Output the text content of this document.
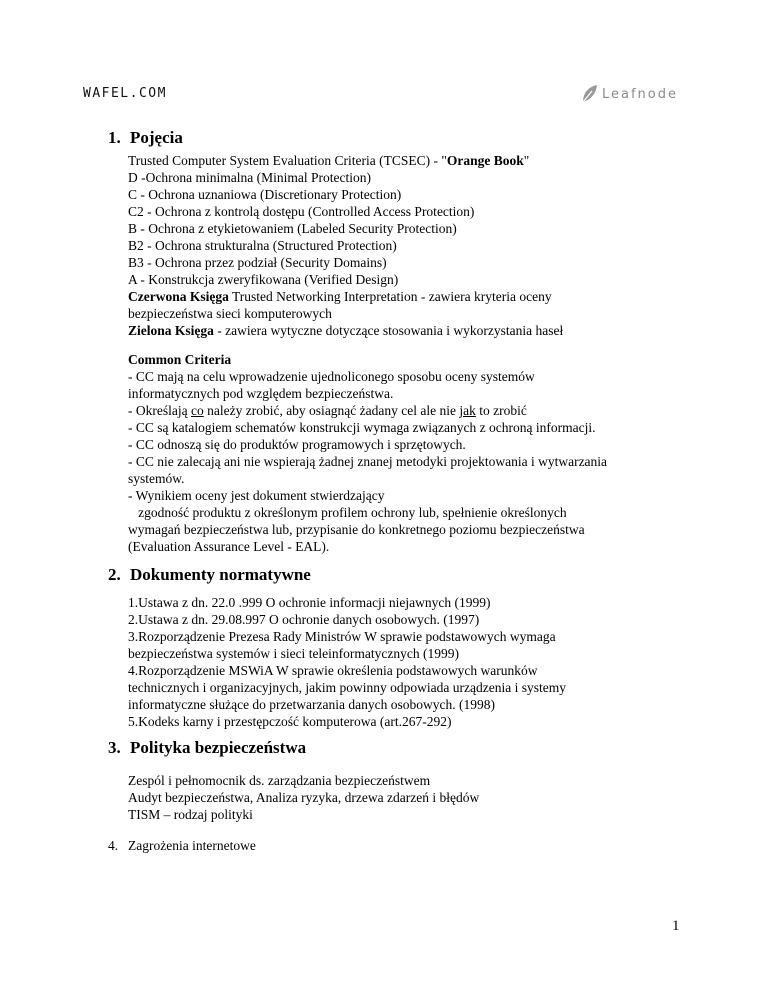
WAFEL.COM	Leafnode
1. Pojęcia
Trusted Computer System Evaluation Criteria (TCSEC) - "Orange Book"
D -Ochrona minimalna (Minimal Protection)
C - Ochrona uznaniowa (Discretionary Protection)
C2 - Ochrona z kontrolą dostępu (Controlled Access Protection)
B - Ochrona z etykietowaniem (Labeled Security Protection)
B2 - Ochrona strukturalna (Structured Protection)
B3 - Ochrona przez podział (Security Domains)
A - Konstrukcja zweryfikowana (Verified Design)
Czerwona Księga Trusted Networking Interpretation - zawiera kryteria oceny
bezpieczeństwa sieci komputerowych
Zielona Księga - zawiera wytyczne dotyczące stosowania i wykorzystania haseł
Common Criteria
- CC mają na celu wprowadzenie ujednoliconego sposobu oceny systemów
informatycznych pod względem bezpieczeństwa.
- Określają co należy zrobić, aby osiagnąć żadany cel ale nie jak to zrobić
- CC są katalogiem schematów konstrukcji wymaga związanych z ochroną informacji.
- CC odnoszą się do produktów programowych i sprzętowych.
- CC nie zalecają ani nie wspierają żadnej znanej metodyki projektowania i wytwarzania
systemów.
- Wynikiem oceny jest dokument stwierdzający
zgodność produktu z określonym profilem ochrony lub, spełnienie określonych
wymagań bezpieczeństwa lub, przypisanie do konkretnego poziomu bezpieczeństwa
(Evaluation Assurance Level - EAL).
2. Dokumenty normatywne
1.Ustawa z dn. 22.0 .999 O ochronie informacji niejawnych (1999)
2.Ustawa z dn. 29.08.997 O ochronie danych osobowych. (1997)
3.Rozporządzenie Prezesa Rady Ministrów W sprawie podstawowych wymaga
bezpieczeństwa systemów i sieci teleinformatycznych (1999)
4.Rozporządzenie MSWiA W sprawie określenia podstawowych warunków
technicznych i organizacyjnych, jakim powinny odpowiada urządzenia i systemy
informatyczne służące do przetwarzania danych osobowych. (1998)
5.Kodeks karny i przestępczość komputerowa (art.267-292)
3. Polityka bezpieczeństwa
Zespól i pełnomocnik ds. zarządzania bezpieczeństwem
Audyt bezpieczeństwa, Analiza ryzyka, drzewa zdarzeń i błędów
TISM – rodzaj polityki
4. Zagrożenia internetowe
1
